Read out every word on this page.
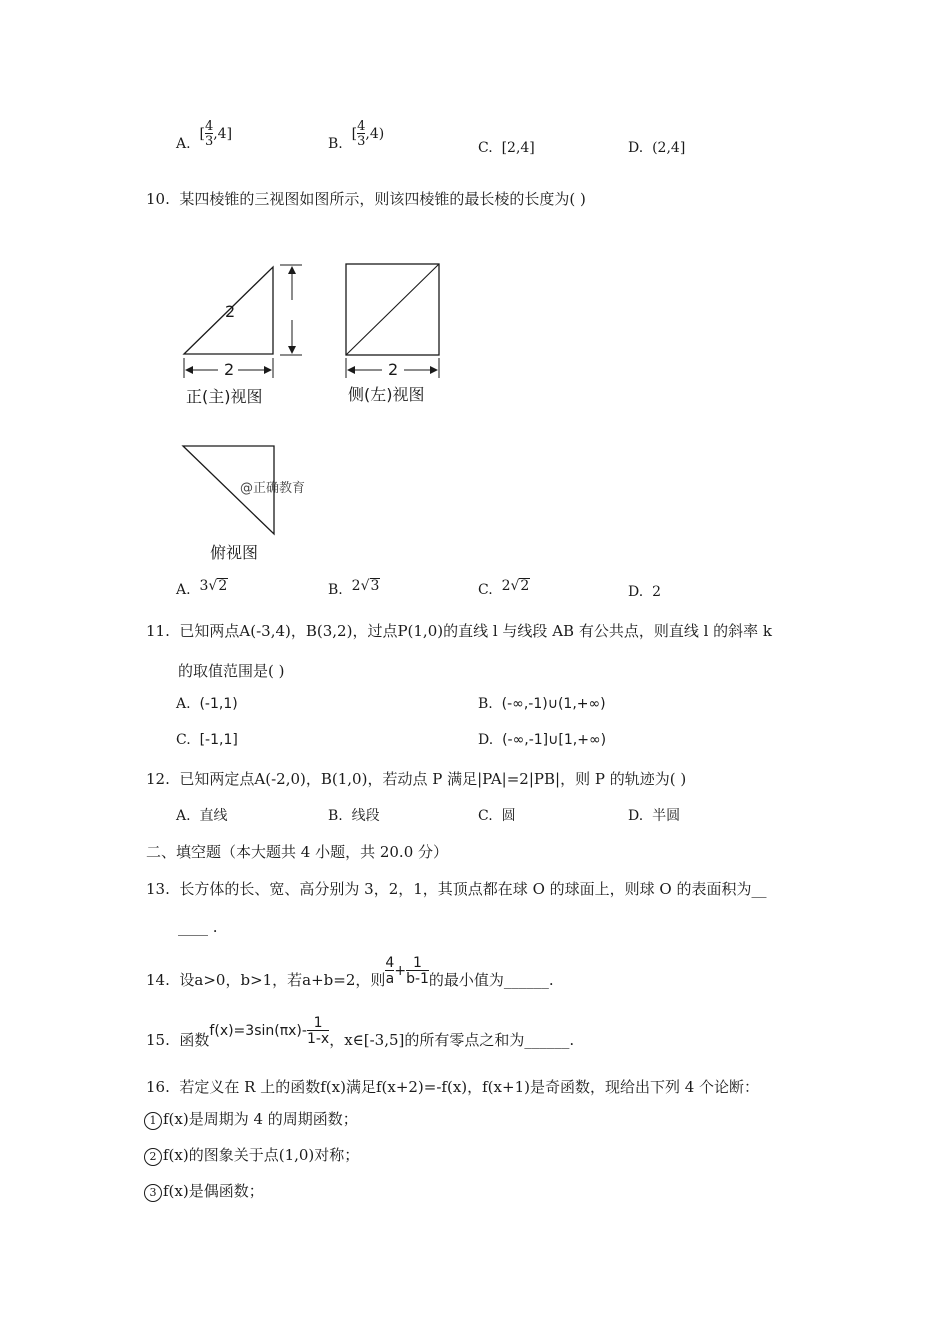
A.  [ $\frac{4}{3} ,4$]
B.  [ $\frac{4}{3} ,4$)
C. [2,4]	D. (2,4]
10. 某四棱锥的三视图如图所示，则该四棱锥的最长棱的长度为( )
2
2	2
正(主)视图	侧(左)视图
@正确教育
俯视图
A. 3√2	B. 2√3	C. 2√2	D. 2
11. 已知两点A(-3,4)，B(3,2)，过点P(1,0)的直线 l 与线段 AB 有公共点，则直线 l 的斜率 k
的取值范围是( )
A. (-1,1)	B. (-∞,-1)∪(1,+∞)
C. [-1,1]	D. (-∞,-1]∪[1,+∞)
12. 已知两定点A(-2,0)，B(1,0)，若动点 P 满足|PA|=2|PB|，则 P 的轨迹为( )
A. 直线	B. 线段	C. 圆	D. 半圆
二、填空题（本大题共 4 小题，共 20.0 分）
13. 长方体的长、宽、高分别为 3，2，1，其顶点都在球 O 的球面上，则球 O 的表面积为__
____ .
14. 设a>0，b>1，若a+b=2，则 $\frac{4}{a} + \frac{1}{b-1}$ 的最小值为______.
15. 函数$f(x)=3\sin(\pi x)- \frac{1}{1-x}$ ，x∈[-3,5]的所有零点之和为______.
16. 若定义在 R 上的函数f(x)满足f(x+2)=-f(x)，f(x+1)是奇函数，现给出下列 4 个论断：
1 f(x)是周期为 4 的周期函数；
2 f(x)的图象关于点(1,0)对称；
3 f(x)是偶函数；
